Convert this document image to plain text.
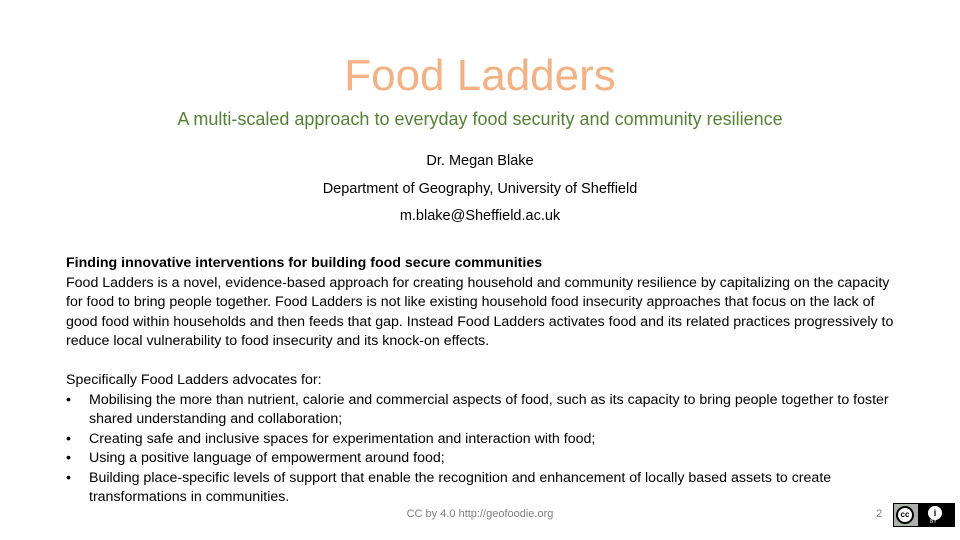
Food Ladders
A multi-scaled approach to everyday food security and community resilience
Dr. Megan Blake
Department of Geography, University of Sheffield
m.blake@Sheffield.ac.uk
Finding innovative interventions for building food secure communities
Food Ladders is a novel, evidence-based approach for creating household and community resilience by capitalizing on the capacity for food to bring people together. Food Ladders is not like existing household food insecurity approaches that focus on the lack of good food within households and then feeds that gap. Instead Food Ladders activates food and its related practices progressively to reduce local vulnerability to food insecurity and its knock-on effects.
Specifically Food Ladders advocates for:
• Mobilising the more than nutrient, calorie and commercial aspects of food, such as its capacity to bring people together to foster shared understanding and collaboration;
• Creating safe and inclusive spaces for experimentation and interaction with food;
• Using a positive language of empowerment around food;
• Building place-specific levels of support that enable the recognition and enhancement of locally based assets to create transformations in communities.
CC by 4.0 http://geofoodie.org	2	cc	i
BY
